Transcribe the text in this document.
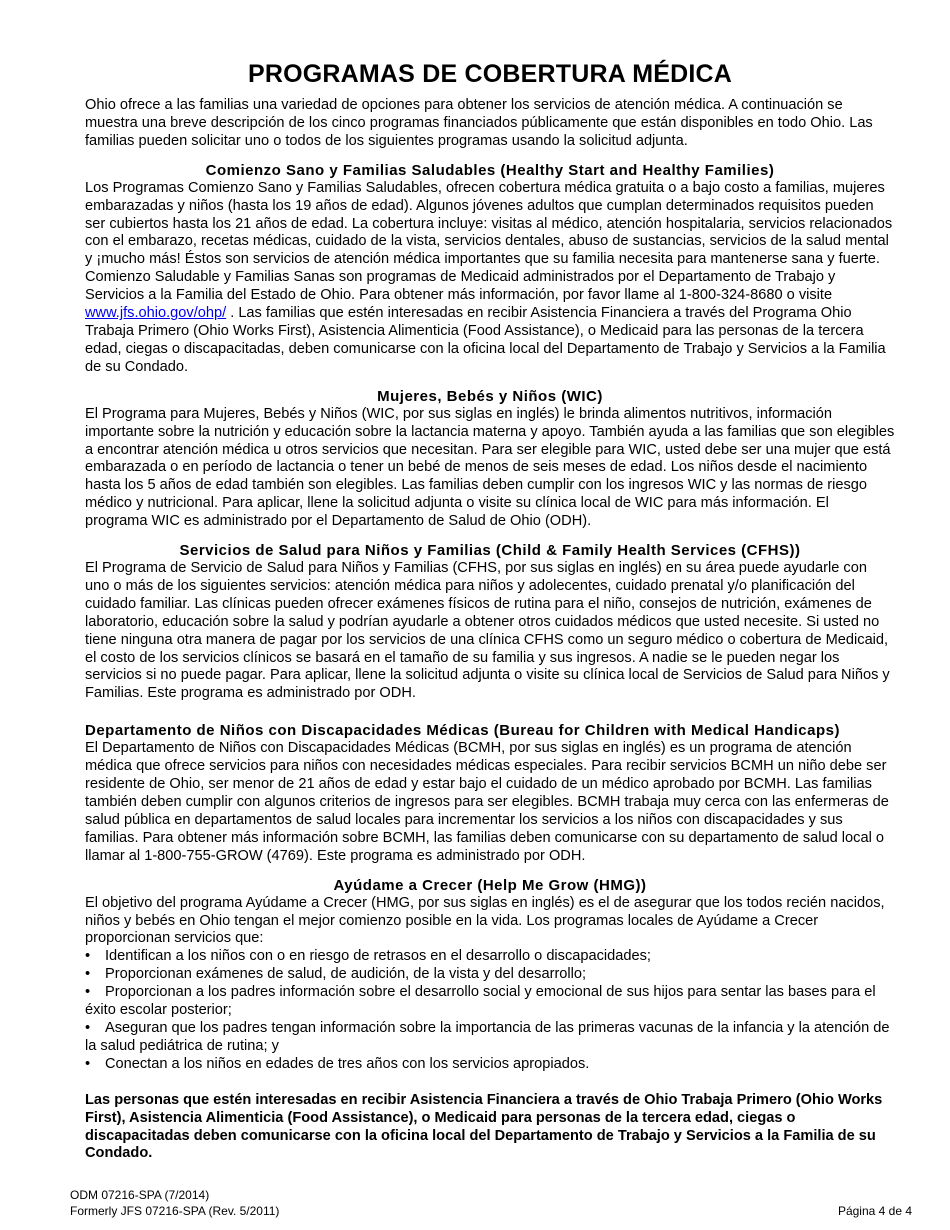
PROGRAMAS DE COBERTURA MÉDICA

Ohio ofrece a las familias una variedad de opciones para obtener los servicios de atención médica. A continuación se muestra una breve descripción de los cinco programas financiados públicamente que están disponibles en todo Ohio. Las familias pueden solicitar uno o todos de los siguientes programas usando la solicitud adjunta.

Comienzo Sano y Familias Saludables (Healthy Start and Healthy Families)

Los Programas Comienzo Sano y Familias Saludables, ofrecen cobertura médica gratuita o a bajo costo a familias, mujeres embarazadas y niños (hasta los 19 años de edad). Algunos jóvenes adultos que cumplan determinados requisitos pueden ser cubiertos hasta los 21 años de edad. La cobertura incluye: visitas al médico, atención hospitalaria, servicios relacionados con el embarazo, recetas médicas, cuidado de la vista, servicios dentales, abuso de sustancias, servicios de la salud mental y ¡mucho más! Éstos son servicios de atención médica importantes que su familia necesita para mantenerse sana y fuerte. Comienzo Saludable y Familias Sanas son programas de Medicaid administrados por el Departamento de Trabajo y Servicios a la Familia del Estado de Ohio. Para obtener más información, por favor llame al 1-800-324-8680 o visite www.jfs.ohio.gov/ohp/ . Las familias que estén interesadas en recibir Asistencia Financiera a través del Programa Ohio Trabaja Primero (Ohio Works First), Asistencia Alimenticia (Food Assistance), o Medicaid para las personas de la tercera edad, ciegas o discapacitadas, deben comunicarse con la oficina local del Departamento de Trabajo y Servicios a la Familia de su Condado.

Mujeres, Bebés y Niños (WIC)

El Programa para Mujeres, Bebés y Niños (WIC, por sus siglas en inglés) le brinda alimentos nutritivos, información importante sobre la nutrición y educación sobre la lactancia materna y apoyo. También ayuda a las familias que son elegibles a encontrar atención médica u otros servicios que necesitan. Para ser elegible para WIC, usted debe ser una mujer que está embarazada o en período de lactancia o tener un bebé de menos de seis meses de edad. Los niños desde el nacimiento hasta los 5 años de edad también son elegibles. Las familias deben cumplir con los ingresos WIC y las normas de riesgo médico y nutricional. Para aplicar, llene la solicitud adjunta o visite su clínica local de WIC para más información. El programa WIC es administrado por el Departamento de Salud de Ohio (ODH).

Servicios de Salud para Niños y Familias (Child & Family Health Services (CFHS))

El Programa de Servicio de Salud para Niños y Familias (CFHS, por sus siglas en inglés) en su área puede ayudarle con uno o más de los siguientes servicios: atención médica para niños y adolecentes, cuidado prenatal y/o planificación del cuidado familiar. Las clínicas pueden ofrecer exámenes físicos de rutina para el niño, consejos de nutrición, exámenes de laboratorio, educación sobre la salud y podrían ayudarle a obtener otros cuidados médicos que usted necesite. Si usted no tiene ninguna otra manera de pagar por los servicios de una clínica CFHS como un seguro médico o cobertura de Medicaid, el costo de los servicios clínicos se basará en el tamaño de su familia y sus ingresos. A nadie se le pueden negar los servicios si no puede pagar. Para aplicar, llene la solicitud adjunta o visite su clínica local de Servicios de Salud para Niños y Familias. Este programa es administrado por ODH.

Departamento de Niños con Discapacidades Médicas (Bureau for Children with Medical Handicaps)

El Departamento de Niños con Discapacidades Médicas (BCMH, por sus siglas en inglés) es un programa de atención médica que ofrece servicios para niños con necesidades médicas especiales. Para recibir servicios BCMH un niño debe ser residente de Ohio, ser menor de 21 años de edad y estar bajo el cuidado de un médico aprobado por BCMH. Las familias también deben cumplir con algunos criterios de ingresos para ser elegibles. BCMH trabaja muy cerca con las enfermeras de salud pública en departamentos de salud locales para incrementar los servicios a los niños con discapacidades y sus familias. Para obtener más información sobre BCMH, las familias deben comunicarse con su departamento de salud local o llamar al 1-800-755-GROW (4769). Este programa es administrado por ODH.

Ayúdame a Crecer (Help Me Grow (HMG))

El objetivo del programa Ayúdame a Crecer (HMG, por sus siglas en inglés) es el de asegurar que los todos recién nacidos, niños y bebés en Ohio tengan el mejor comienzo posible en la vida. Los programas locales de Ayúdame a Crecer proporcionan servicios que:

• Identifican a los niños con o en riesgo de retrasos en el desarrollo o discapacidades;
• Proporcionan exámenes de salud, de audición, de la vista y del desarrollo;
• Proporcionan a los padres información sobre el desarrollo social y emocional de sus hijos para sentar las bases para el éxito escolar posterior;
• Aseguran que los padres tengan información sobre la importancia de las primeras vacunas de la infancia y la atención de la salud pediátrica de rutina; y
• Conectan a los niños en edades de tres años con los servicios apropiados.

Las personas que estén interesadas en recibir Asistencia Financiera a través de Ohio Trabaja Primero (Ohio Works First), Asistencia Alimenticia (Food Assistance), o Medicaid para personas de la tercera edad, ciegas o discapacitadas deben comunicarse con la oficina local del Departamento de Trabajo y Servicios a la Familia de su Condado.

ODM 07216-SPA (7/2014)
Formerly JFS 07216-SPA (Rev. 5/2011)	Página 4 de 4
